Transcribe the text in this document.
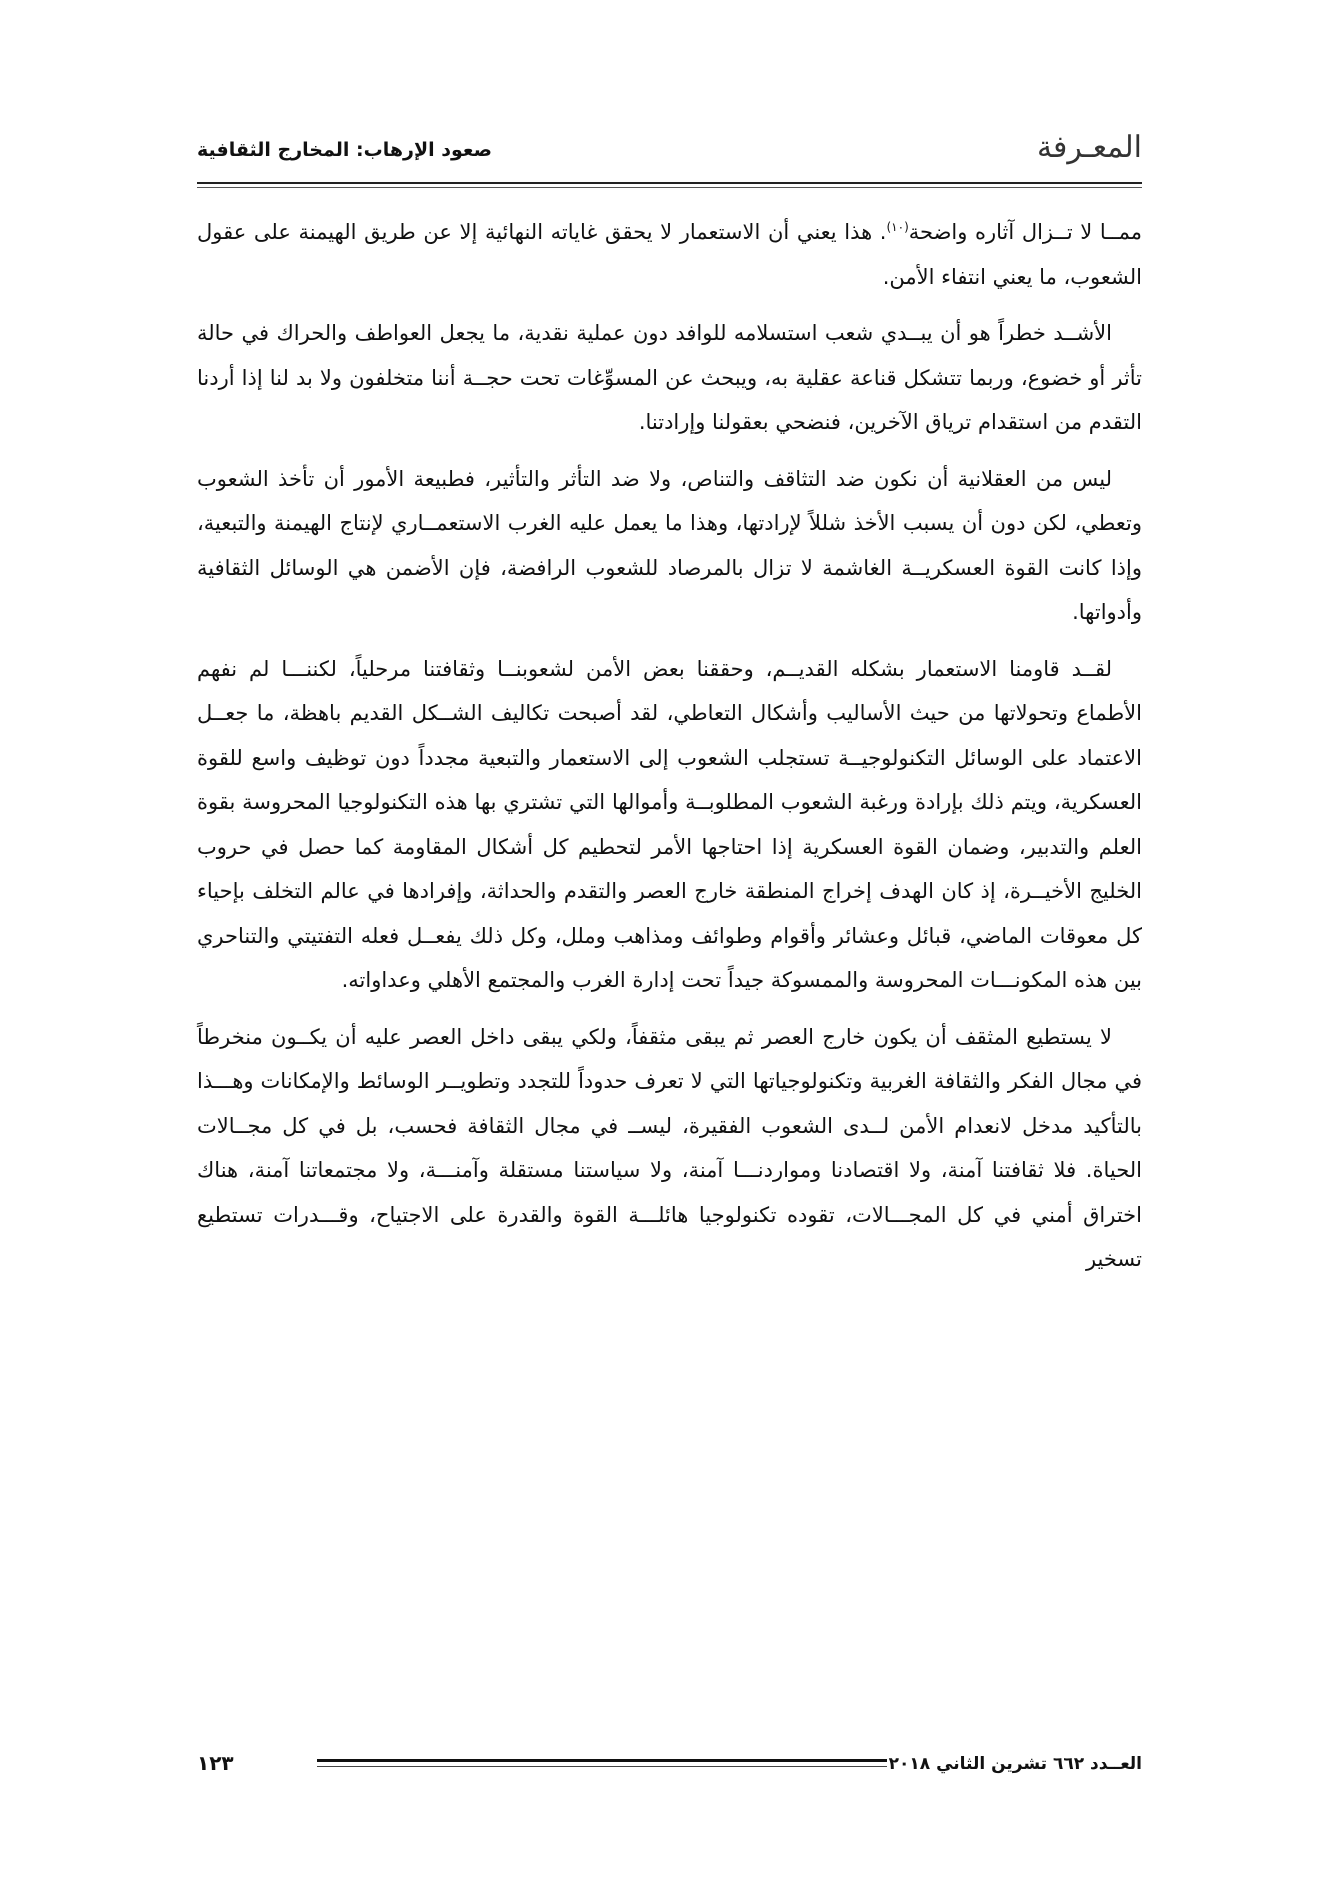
المعـرفة
صعود الإرهاب: المخارج الثقافية

ممــا لا تــزال آثاره واضحة$^{(١٠)}$. هذا يعني أن الاستعمار لا يحقق غاياته النهائية إلا عن طريق الهيمنة على عقول الشعوب، ما يعني انتفاء الأمن.

الأشــد خطراً هو أن يبــدي شعب استسلامه للوافد دون عملية نقدية، ما يجعل العواطف والحراك في حالة تأثر أو خضوع، وربما تتشكل قناعة عقلية به، ويبحث عن المسوِّغات تحت حجــة أننا متخلفون ولا بد لنا إذا أردنا التقدم من استقدام ترياق الآخرين، فنضحي بعقولنا وإرادتنا.

ليس من العقلانية أن نكون ضد التثاقف والتناص، ولا ضد التأثر والتأثير، فطبيعة الأمور أن تأخذ الشعوب وتعطي، لكن دون أن يسبب الأخذ شللاً لإرادتها، وهذا ما يعمل عليه الغرب الاستعمــاري لإنتاج الهيمنة والتبعية، وإذا كانت القوة العسكريــة الغاشمة لا تزال بالمرصاد للشعوب الرافضة، فإن الأضمن هي الوسائل الثقافية وأدواتها.

لقــد قاومنا الاستعمار بشكله القديــم، وحققنا بعض الأمن لشعوبنــا وثقافتنا مرحلياً، لكننـــا لم نفهم الأطماع وتحولاتها من حيث الأساليب وأشكال التعاطي، لقد أصبحت تكاليف الشــكل القديم باهظة، ما جعــل الاعتماد على الوسائل التكنولوجيــة تستجلب الشعوب إلى الاستعمار والتبعية مجدداً دون توظيف واسع للقوة العسكرية، ويتم ذلك بإرادة ورغبة الشعوب المطلوبــة وأموالها التي تشتري بها هذه التكنولوجيا المحروسة بقوة العلم والتدبير، وضمان القوة العسكرية إذا احتاجها الأمر لتحطيم كل أشكال المقاومة كما حصل في حروب الخليج الأخيــرة، إذ كان الهدف إخراج المنطقة خارج العصر والتقدم والحداثة، وإفرادها في عالم التخلف بإحياء كل معوقات الماضي، قبائل وعشائر وأقوام وطوائف ومذاهب وملل، وكل ذلك يفعــل فعله التفتيتي والتناحري بين هذه المكونـــات المحروسة والممسوكة جيداً تحت إدارة الغرب والمجتمع الأهلي وعداواته.

لا يستطيع المثقف أن يكون خارج العصر ثم يبقى مثقفاً، ولكي يبقى داخل العصر عليه أن يكــون منخرطاً في مجال الفكر والثقافة الغربية وتكنولوجياتها التي لا تعرف حدوداً للتجدد وتطويــر الوسائط والإمكانات وهـــذا بالتأكيد مدخل لانعدام الأمن لــدى الشعوب الفقيرة، ليســ في مجال الثقافة فحسب، بل في كل مجــالات الحياة. فلا ثقافتنا آمنة، ولا اقتصادنا ومواردنـــا آمنة، ولا سياستنا مستقلة وآمنـــة، ولا مجتمعاتنا آمنة، هناك اختراق أمني في كل المجـــالات، تقوده تكنولوجيا هائلـــة القوة والقدرة على الاجتياح، وقـــدرات تستطيع تسخير

العــدد ٦٦٢ تشرين الثاني ٢٠١٨
١٢٣
